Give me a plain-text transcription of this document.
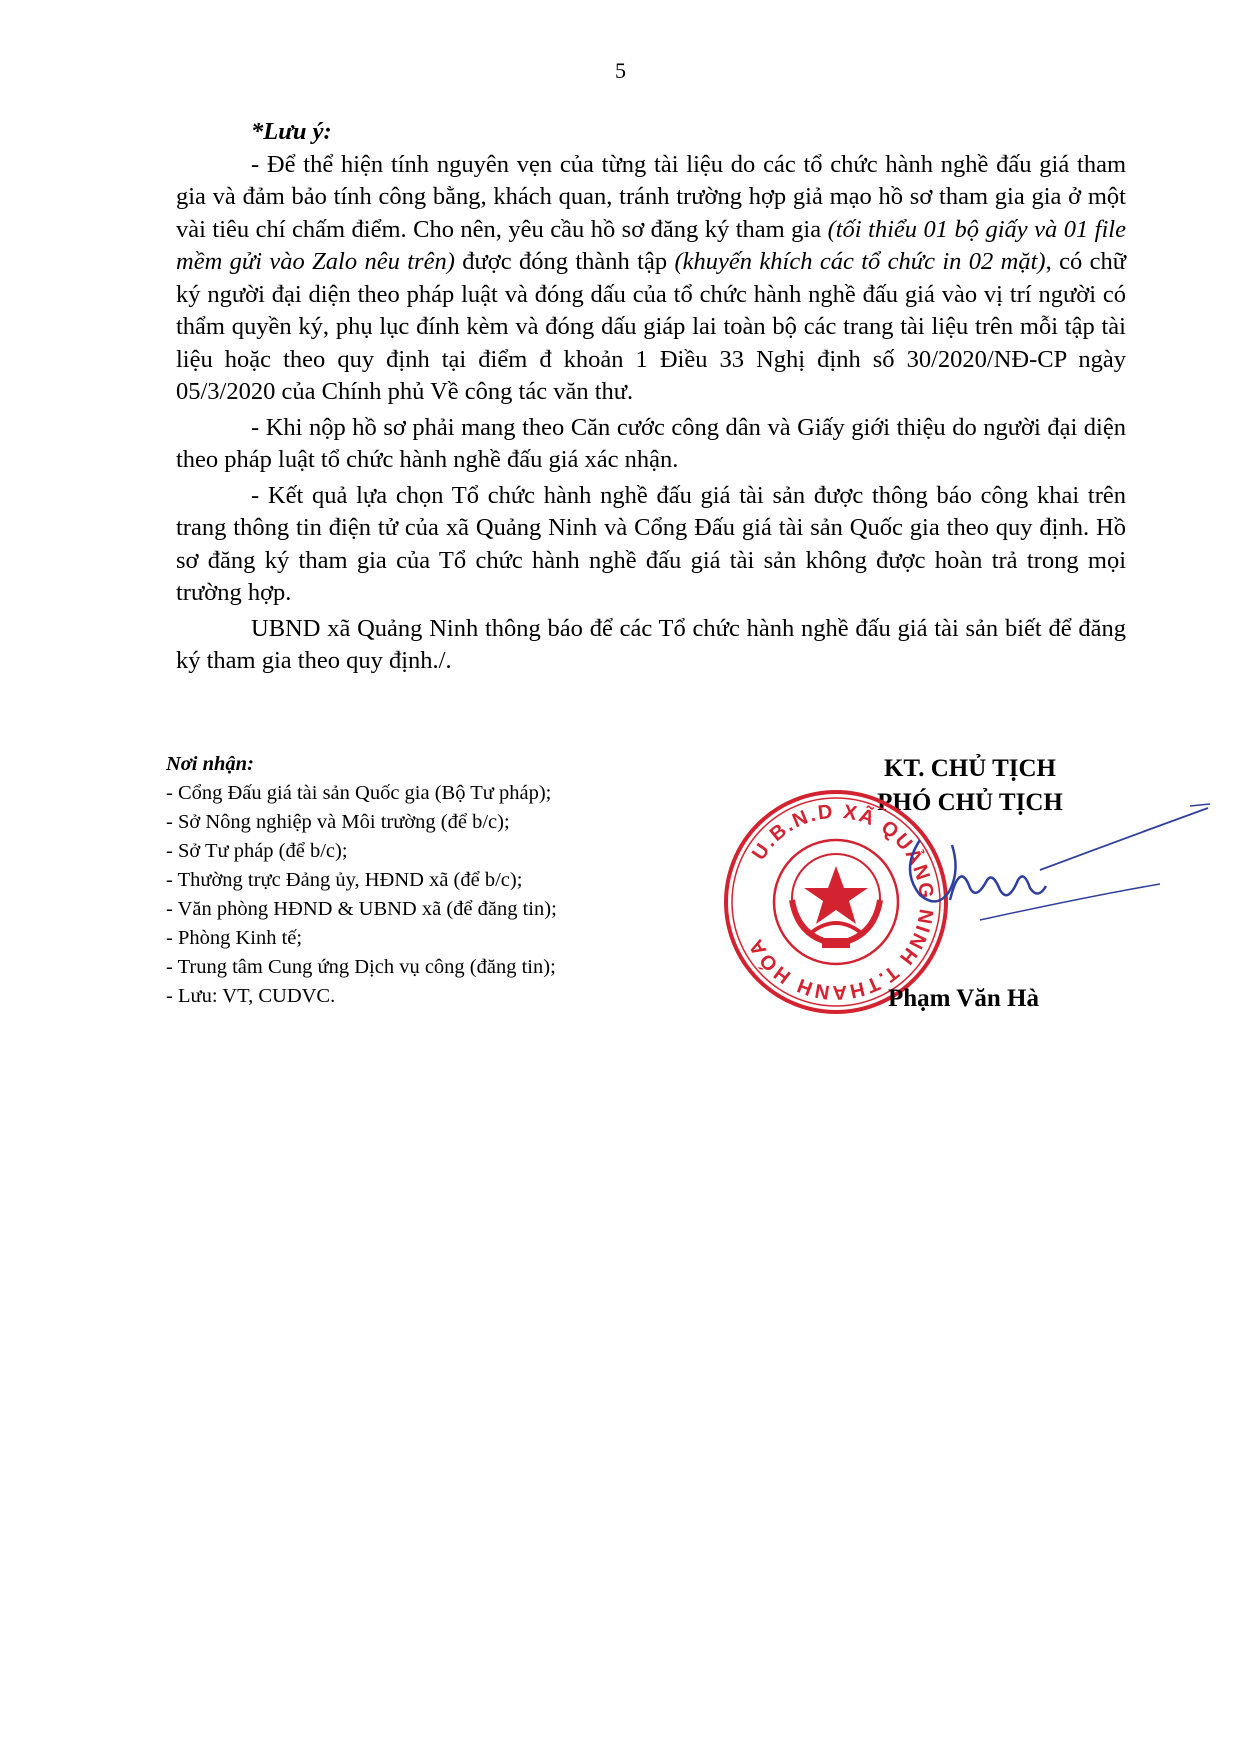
5
*Lưu ý:

- Để thể hiện tính nguyên vẹn của từng tài liệu do các tổ chức hành nghề đấu giá tham gia và đảm bảo tính công bằng, khách quan, tránh trường hợp giả mạo hồ sơ tham gia gia ở một vài tiêu chí chấm điểm. Cho nên, yêu cầu hồ sơ đăng ký tham gia (tối thiểu 01 bộ giấy và 01 file mềm gửi vào Zalo nêu trên) được đóng thành tập (khuyến khích các tổ chức in 02 mặt), có chữ ký người đại diện theo pháp luật và đóng dấu của tổ chức hành nghề đấu giá vào vị trí người có thẩm quyền ký, phụ lục đính kèm và đóng dấu giáp lai toàn bộ các trang tài liệu trên mỗi tập tài liệu hoặc theo quy định tại điểm đ khoản 1 Điều 33 Nghị định số 30/2020/NĐ-CP ngày 05/3/2020 của Chính phủ Về công tác văn thư.

- Khi nộp hồ sơ phải mang theo Căn cước công dân và Giấy giới thiệu do người đại diện theo pháp luật tổ chức hành nghề đấu giá xác nhận.

- Kết quả lựa chọn Tổ chức hành nghề đấu giá tài sản được thông báo công khai trên trang thông tin điện tử của xã Quảng Ninh và Cổng Đấu giá tài sản Quốc gia theo quy định. Hồ sơ đăng ký tham gia của Tổ chức hành nghề đấu giá tài sản không được hoàn trả trong mọi trường hợp.

UBND xã Quảng Ninh thông báo để các Tổ chức hành nghề đấu giá tài sản biết để đăng ký tham gia theo quy định./.

Nơi nhận:
- Cổng Đấu giá tài sản Quốc gia (Bộ Tư pháp);
- Sở Nông nghiệp và Môi trường (để b/c);
- Sở Tư pháp (để b/c);
- Thường trực Đảng ủy, HĐND xã (để b/c);
- Văn phòng HĐND & UBND xã (để đăng tin);
- Phòng Kinh tế;
- Trung tâm Cung ứng Dịch vụ công (đăng tin);
- Lưu: VT, CUDVC.
KT. CHỦ TỊCH
PHÓ CHỦ TỊCH
U.B.N.D XÃ QUẢNG NINH T.THANH HÓA
Phạm Văn Hà
